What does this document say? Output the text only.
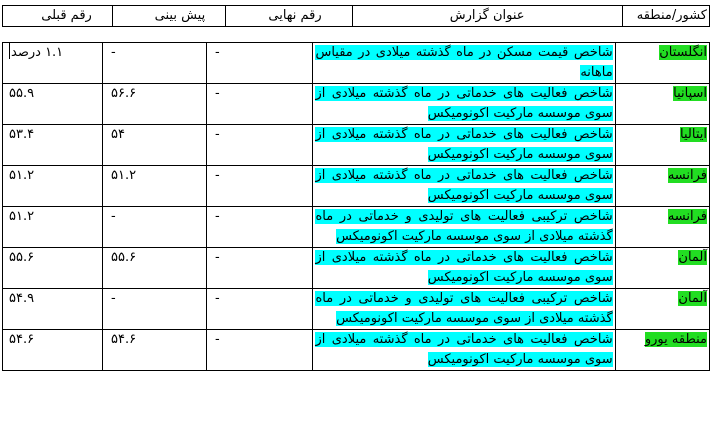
کشور/منطقه	عنوان گزارش	رقم نهایی	پیش بینی	رقم قبلی
انگلستان	شاخص قیمت مسکن در ماه گذشته میلادی در مقیاس ماهانه	-	-	۱.۱ درصد
اسپانیا	شاخص فعالیت های خدماتی در ماه گذشته میلادی از سوی موسسه مارکیت اکونومیکس	-	۵۶.۶	۵۵.۹
ایتالیا	شاخص فعالیت های خدماتی در ماه گذشته میلادی از سوی موسسه مارکیت اکونومیکس	-	۵۴	۵۳.۴
فرانسه	شاخص فعالیت های خدماتی در ماه گذشته میلادی از سوی موسسه مارکیت اکونومیکس	-	۵۱.۲	۵۱.۲
فرانسه	شاخص ترکیبی فعالیت های تولیدی و خدماتی در ماه گذشته میلادی از سوی موسسه مارکیت اکونومیکس	-	-	۵۱.۲
آلمان	شاخص فعالیت های خدماتی در ماه گذشته میلادی از سوی موسسه مارکیت اکونومیکس	-	۵۵.۶	۵۵.۶
آلمان	شاخص ترکیبی فعالیت های تولیدی و خدماتی در ماه گذشته میلادی از سوی موسسه مارکیت اکونومیکس	-	-	۵۴.۹
منطقه یورو	شاخص فعالیت های خدماتی در ماه گذشته میلادی از سوی موسسه مارکیت اکونومیکس	-	۵۴.۶	۵۴.۶
